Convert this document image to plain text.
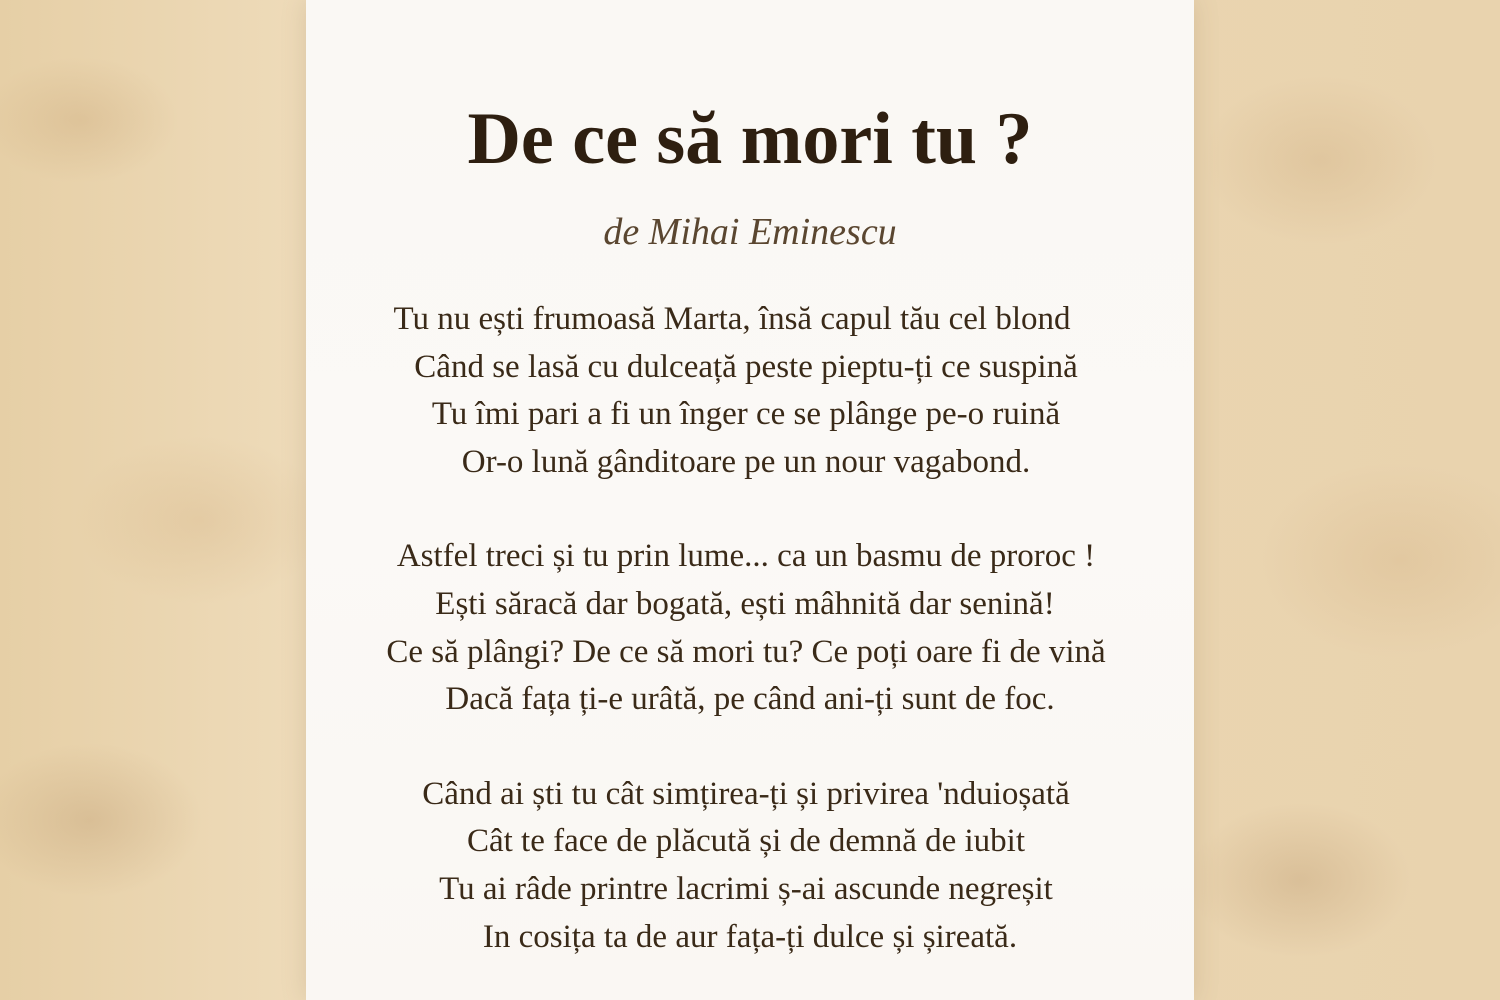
De ce să mori tu ?
de Mihai Eminescu
Tu nu ești frumoasă Marta, însă capul tău cel blond
Când se lasă cu dulceață peste pieptu-ți ce suspină
Tu îmi pari a fi un înger ce se plânge pe-o ruină
Or-o lună gânditoare pe un nour vagabond.
Astfel treci și tu prin lume... ca un basmu de proroc !
Ești săracă dar bogată, ești mâhnită dar senină!
Ce să plângi? De ce să mori tu? Ce poți oare fi de vină
Dacă fața ți-e urâtă, pe când ani-ți sunt de foc.
Când ai ști tu cât simțirea-ți și privirea 'nduioșată
Cât te face de plăcută și de demnă de iubit
Tu ai râde printre lacrimi ș-ai ascunde negreșit
In cosița ta de aur fața-ți dulce și șireată.
